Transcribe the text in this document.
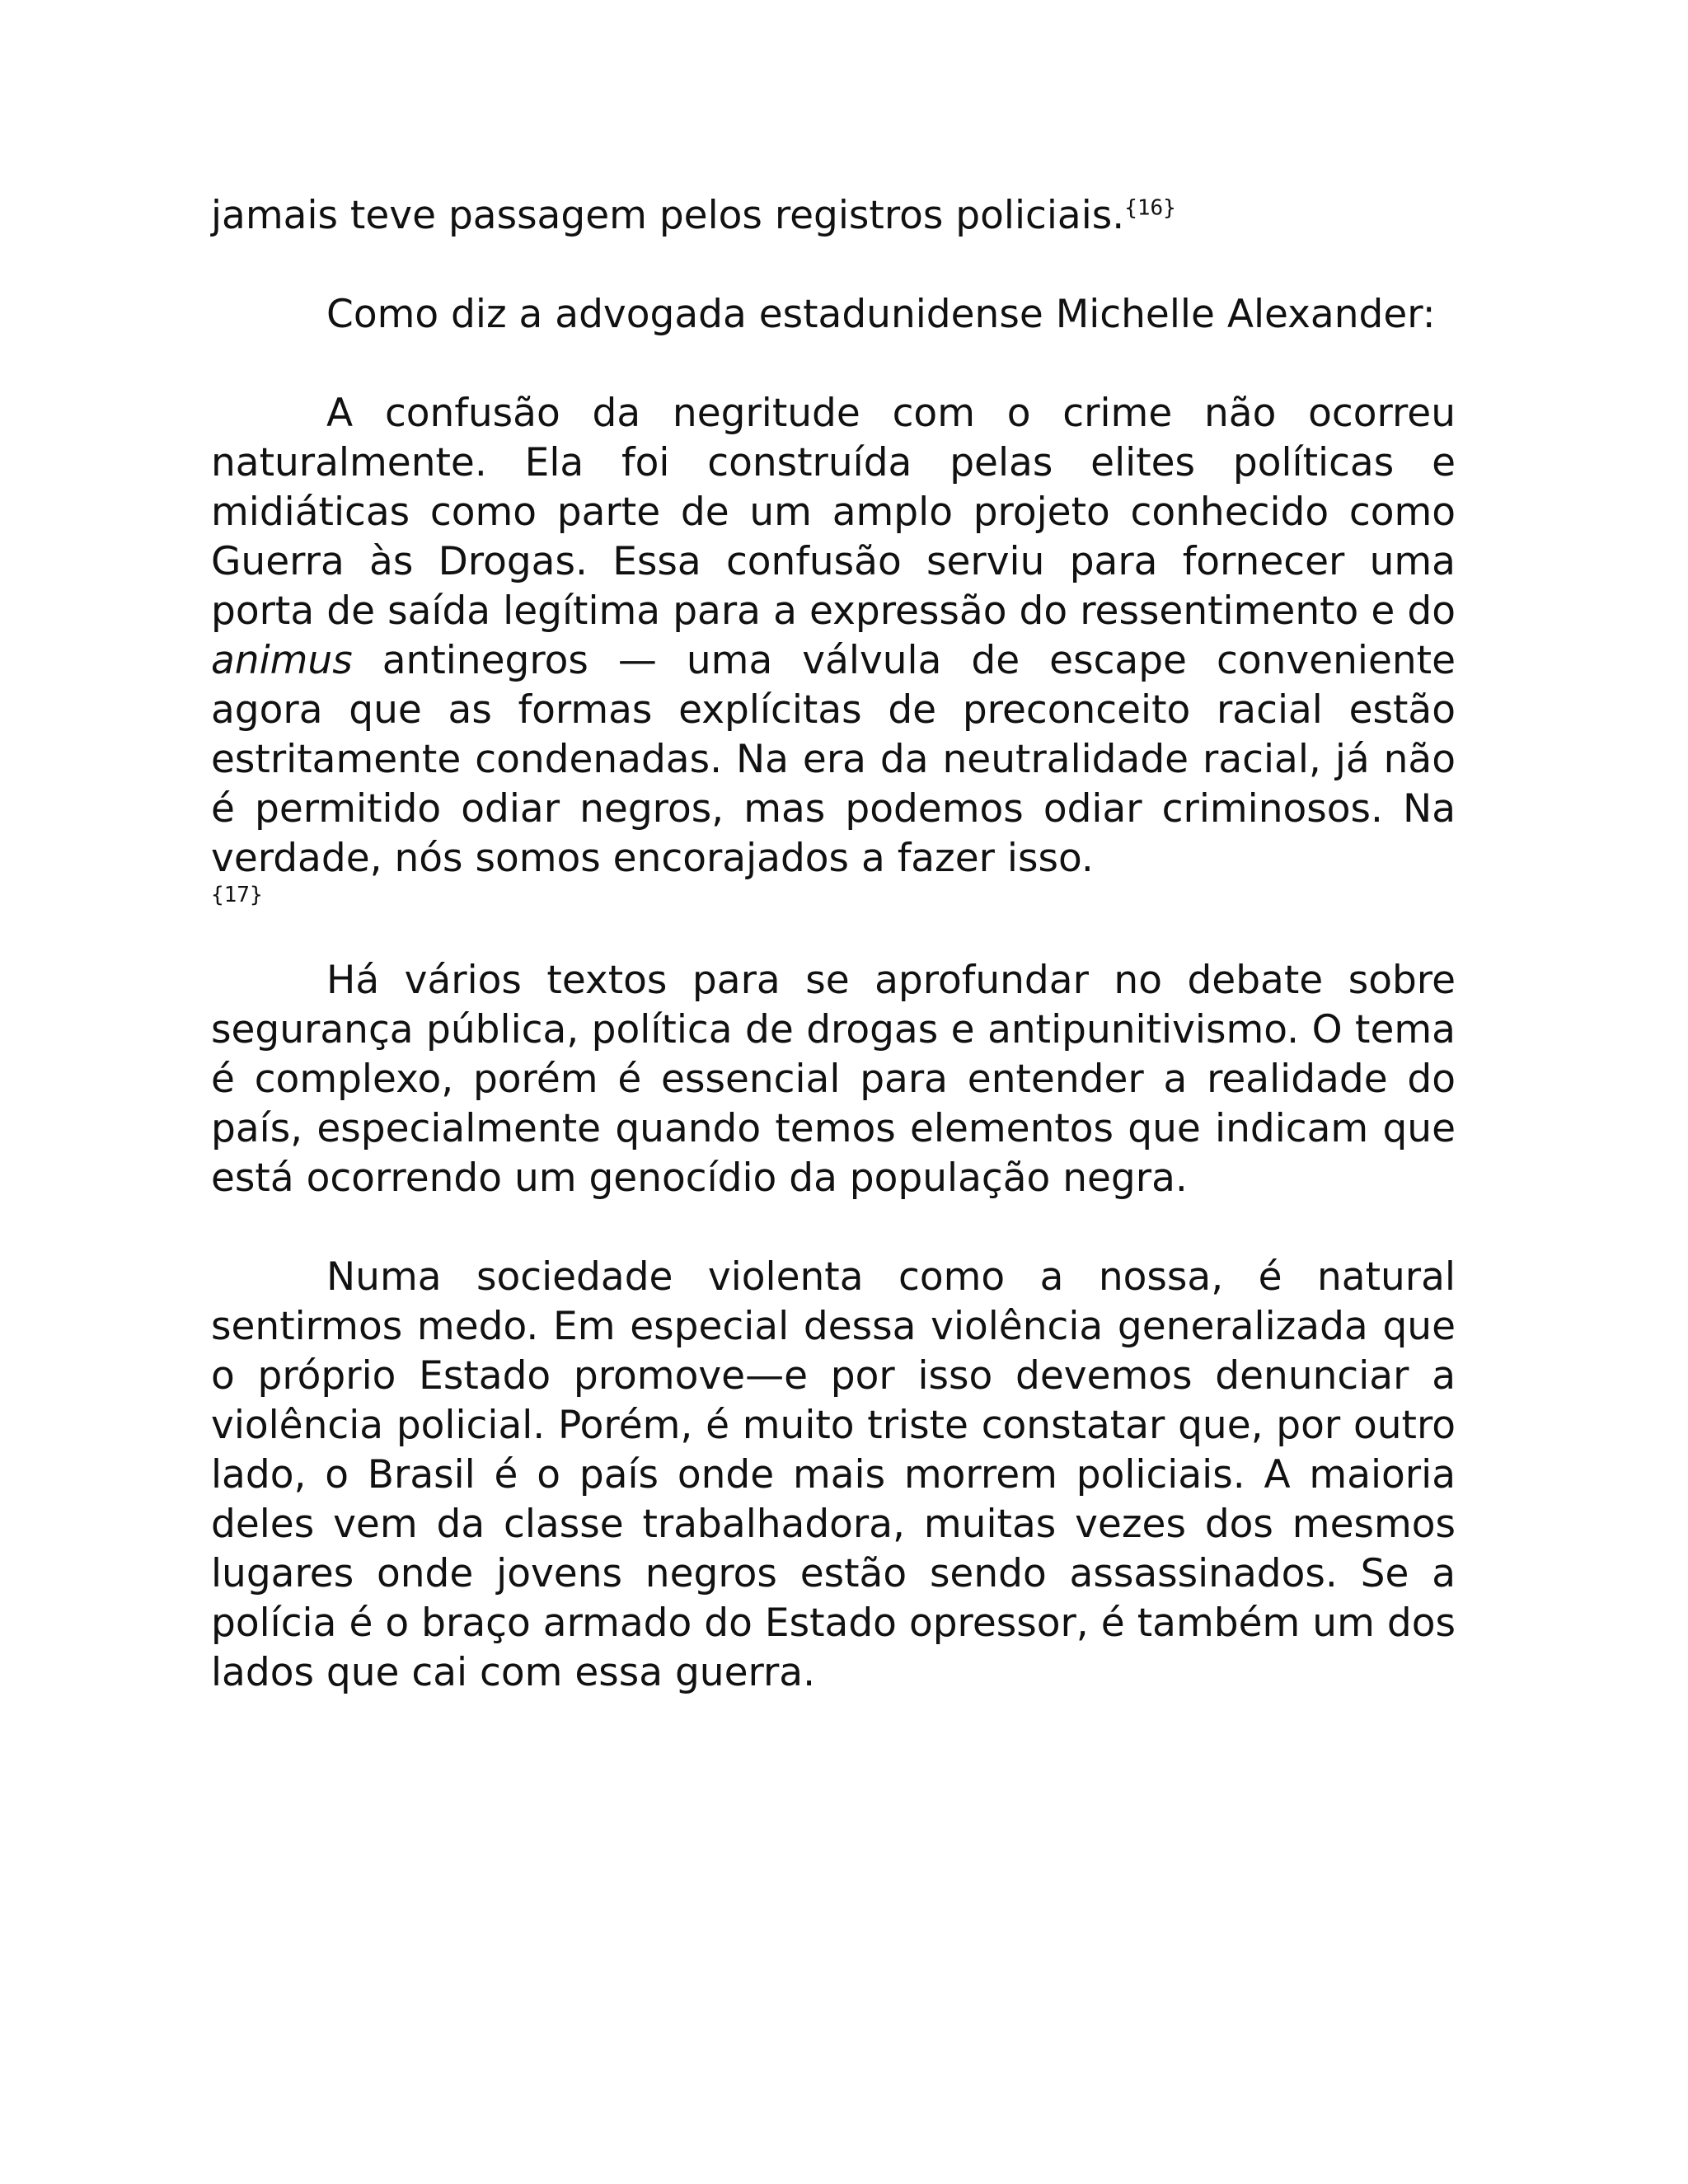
jamais teve passagem pelos registros policiais.$^{\{16\}}$

Como diz a advogada estadunidense Michelle Alexander:

A confusão da negritude com o crime não ocorreu naturalmente. Ela foi construída pelas elites políticas e midiáticas como parte de um amplo projeto conhecido como Guerra às Drogas. Essa confusão serviu para fornecer uma porta de saída legítima para a expressão do ressentimento e do animus antinegros — uma válvula de escape conveniente agora que as formas explícitas de preconceito racial estão estritamente condenadas. Na era da neutralidade racial, já não é permitido odiar negros, mas podemos odiar criminosos. Na verdade, nós somos encorajados a fazer isso.
{17}

Há vários textos para se aprofundar no debate sobre segurança pública, política de drogas e antipunitivismo. O tema é complexo, porém é essencial para entender a realidade do país, especialmente quando temos elementos que indicam que está ocorrendo um genocídio da população negra.

Numa sociedade violenta como a nossa, é natural sentirmos medo. Em especial dessa violência generalizada que o próprio Estado promove—e por isso devemos denunciar a violência policial. Porém, é muito triste constatar que, por outro lado, o Brasil é o país onde mais morrem policiais. A maioria deles vem da classe trabalhadora, muitas vezes dos mesmos lugares onde jovens negros estão sendo assassinados. Se a polícia é o braço armado do Estado opressor, é também um dos lados que cai com essa guerra.
